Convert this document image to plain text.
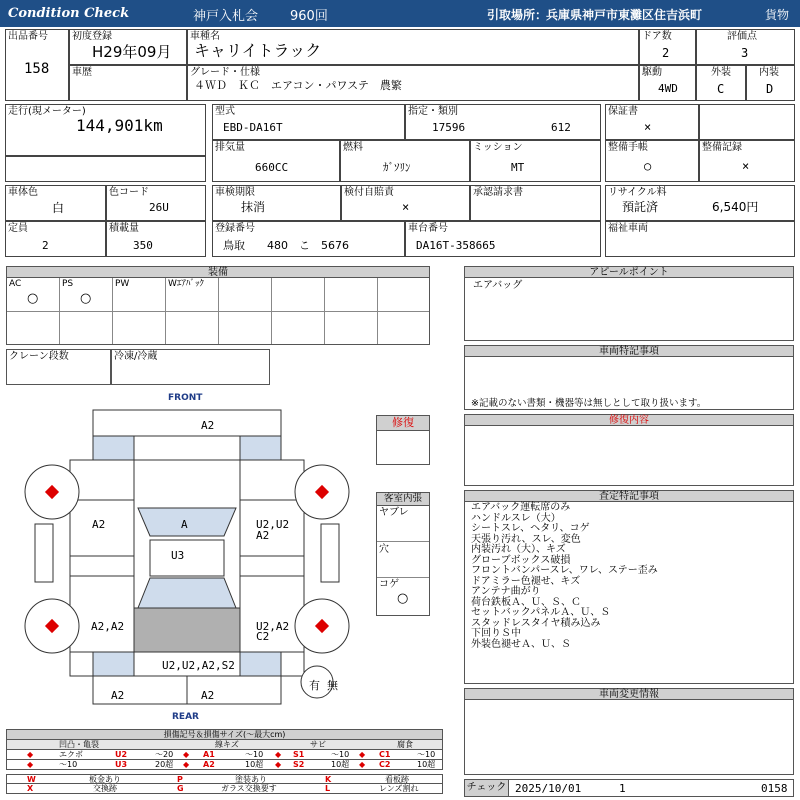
Condition Check	神戸入札会 960回	引取場所：
兵庫県神戸市東灘区住吉浜町	貨物
出品番号
158
初度登録
H29年09月
車歴
車種名
キャリイトラック
グレード・仕様
４ＷＤ　ＫＣ　エアコン・パワステ　農繁
ドア数
2
駆動
4WD
評価点
3
外装
C
内装
D
走行(現メーター)
144,901km
型式
EBD-DA16T
指定・類別
17596	612
排気量
660CC
燃料
ｶﾞｿﾘﾝ
ミッション
MT
保証書
×
整備手帳
○
整備記録
×
車体色
白
色コード
26U
定員
2
積載量
350
車検期限
抹消
検付自賠責
×
承認請求書
登録番号
鳥取　　480　こ　5676
車台番号
DA16T-358665
リサイクル料
預託済	6,540円
福祉車両
装備
AC
○
PS
○
PW	Wｴｱﾊﾞｯｸ
クレーン段数	冷凍/冷蔵
アピールポイント
エアバッグ
車両特記事項
※記載のない書類・機器等は無しとして取り扱います。
修復内容
査定特記事項
エアバック運転席のみ
ハンドルスレ（大）
シートスレ、ヘタリ、コゲ
天張り汚れ、スレ、変色
内装汚れ（大）、キズ
グローブボックス破損
フロントバンパースレ、ワレ、ステー歪み
ドアミラー色褪せ、キズ
アンテナ曲がり
荷台鉄板Ａ、Ｕ、Ｓ、Ｃ
セットバックパネルＡ、Ｕ、Ｓ
スタッドレスタイヤ積み込み
下回りＳ中
外装色褪せＡ、Ｕ、Ｓ
車両変更情報
修復
客室内張
ヤブレ
穴
コゲ
○
FRONT
REAR
A2
A
A2	U2,U2
A2
U3
A2,A2	U2,A2
C2
U2,U2,A2,S2
A2	A2
有 無
損傷記号＆損傷サイズ(～最大cm)
凹凸・亀裂	線キズ	サビ	腐食
◆	エクボ	U2	～20 ◆ A1	～10 ◆ S1	～10 ◆ C1	～10
◆	～10	U3	20超 ◆ A2	10超 ◆ S2	10超 ◆ C2	10超
W	板金あり	P	塗装あり	K	看板跡
X	交換跡	G	ガラス交換要す	L	レンズ割れ	チェック 2025/10/01	1	0158
